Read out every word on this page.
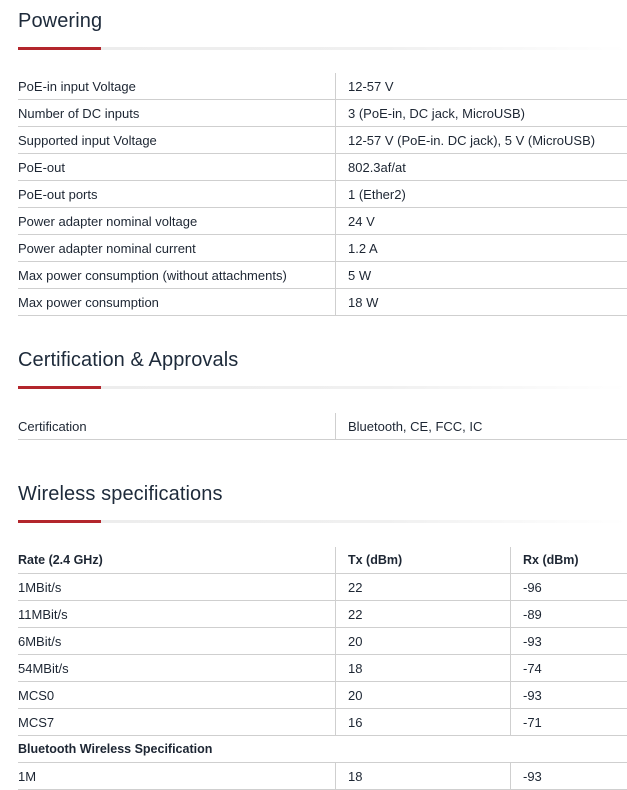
Powering
PoE-in input Voltage	12-57 V
Number of DC inputs	3 (PoE-in, DC jack, MicroUSB)
Supported input Voltage	12-57 V (PoE-in. DC jack), 5 V (MicroUSB)
PoE-out	802.3af/at
PoE-out ports	1 (Ether2)
Power adapter nominal voltage	24 V
Power adapter nominal current	1.2 A
Max power consumption (without attachments)	5 W
Max power consumption	18 W
Certification & Approvals
Certification	Bluetooth, CE, FCC, IC
Wireless specifications
Rate (2.4 GHz)	Tx (dBm)	Rx (dBm)
1MBit/s	22	-96
11MBit/s	22	-89
6MBit/s	20	-93
54MBit/s	18	-74
MCS0	20	-93
MCS7	16	-71
Bluetooth Wireless Specification		
1M	18	-93
